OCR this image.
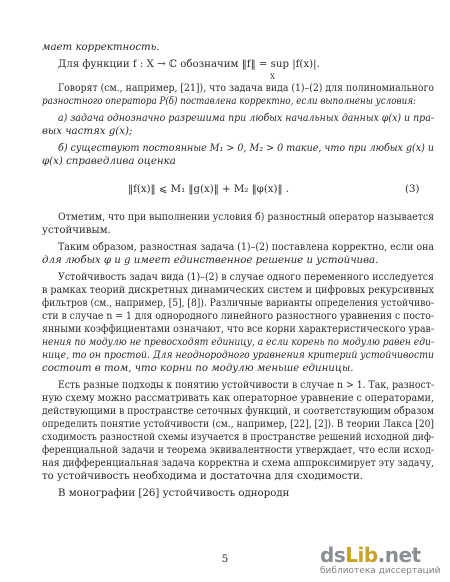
мает корректность.
Для функции f : X → ℂ обозначим ‖f‖ = sup |f(x)|.
X
Говорят (см., например, [21]), что задача вида (1)–(2) для полиномиального
разностного оператора P(δ) поставлена корректно, если выполнены условия:
а) задача однозначно разрешима при любых начальных данных φ(x) и пра-
вых частях g(x);
б) существуют постоянные M₁ > 0, M₂ > 0 такие, что при любых g(x) и
φ(x) справедлива оценка
‖f(x)‖ ⩽ M₁ ‖g(x)‖ + M₂ ‖φ(x)‖ .
Отметим, что при выполнении условия б) разностный оператор называется
устойчивым.
Таким образом, разностная задача (1)–(2) поставлена корректно, если она
для любых φ и g имеет единственное решение и устойчива.
Устойчивость задач вида (1)–(2) в случае одного переменного исследуется
в рамках теорий дискретных динамических систем и цифровых рекурсивных
фильтров (см., например, [5], [8]). Различные варианты определения устойчиво-
сти в случае n = 1 для однородного линейного разностного уравнения с посто-
янными коэффициентами означают, что все корни характеристического урав-
нения по модулю не превосходят единицу, а если корень по модулю равен еди-
нице, то он простой. Для неоднородного уравнения критерий устойчивости
состоит в том, что корни по модулю меньше единицы.
Есть разные подходы к понятию устойчивости в случае n > 1. Так, разност-
ную схему можно рассматривать как операторное уравнение с операторами,
действующими в пространстве сеточных функций, и соответствующим образом
определить понятие устойчивости (см., например, [22], [2]). В теории Лакса [20]
сходимость разностной схемы изучается в пространстве решений исходной диф-
ференциальной задачи и теорема эквивалентности утверждает, что если исход-
ная дифференциальная задача корректна и схема аппроксимирует эту задачу,
то устойчивость необходима и достаточна для сходимости.
В монографии [26] устойчивость однородн
(3)
5	dsLib.net
библиотека диссертаций
